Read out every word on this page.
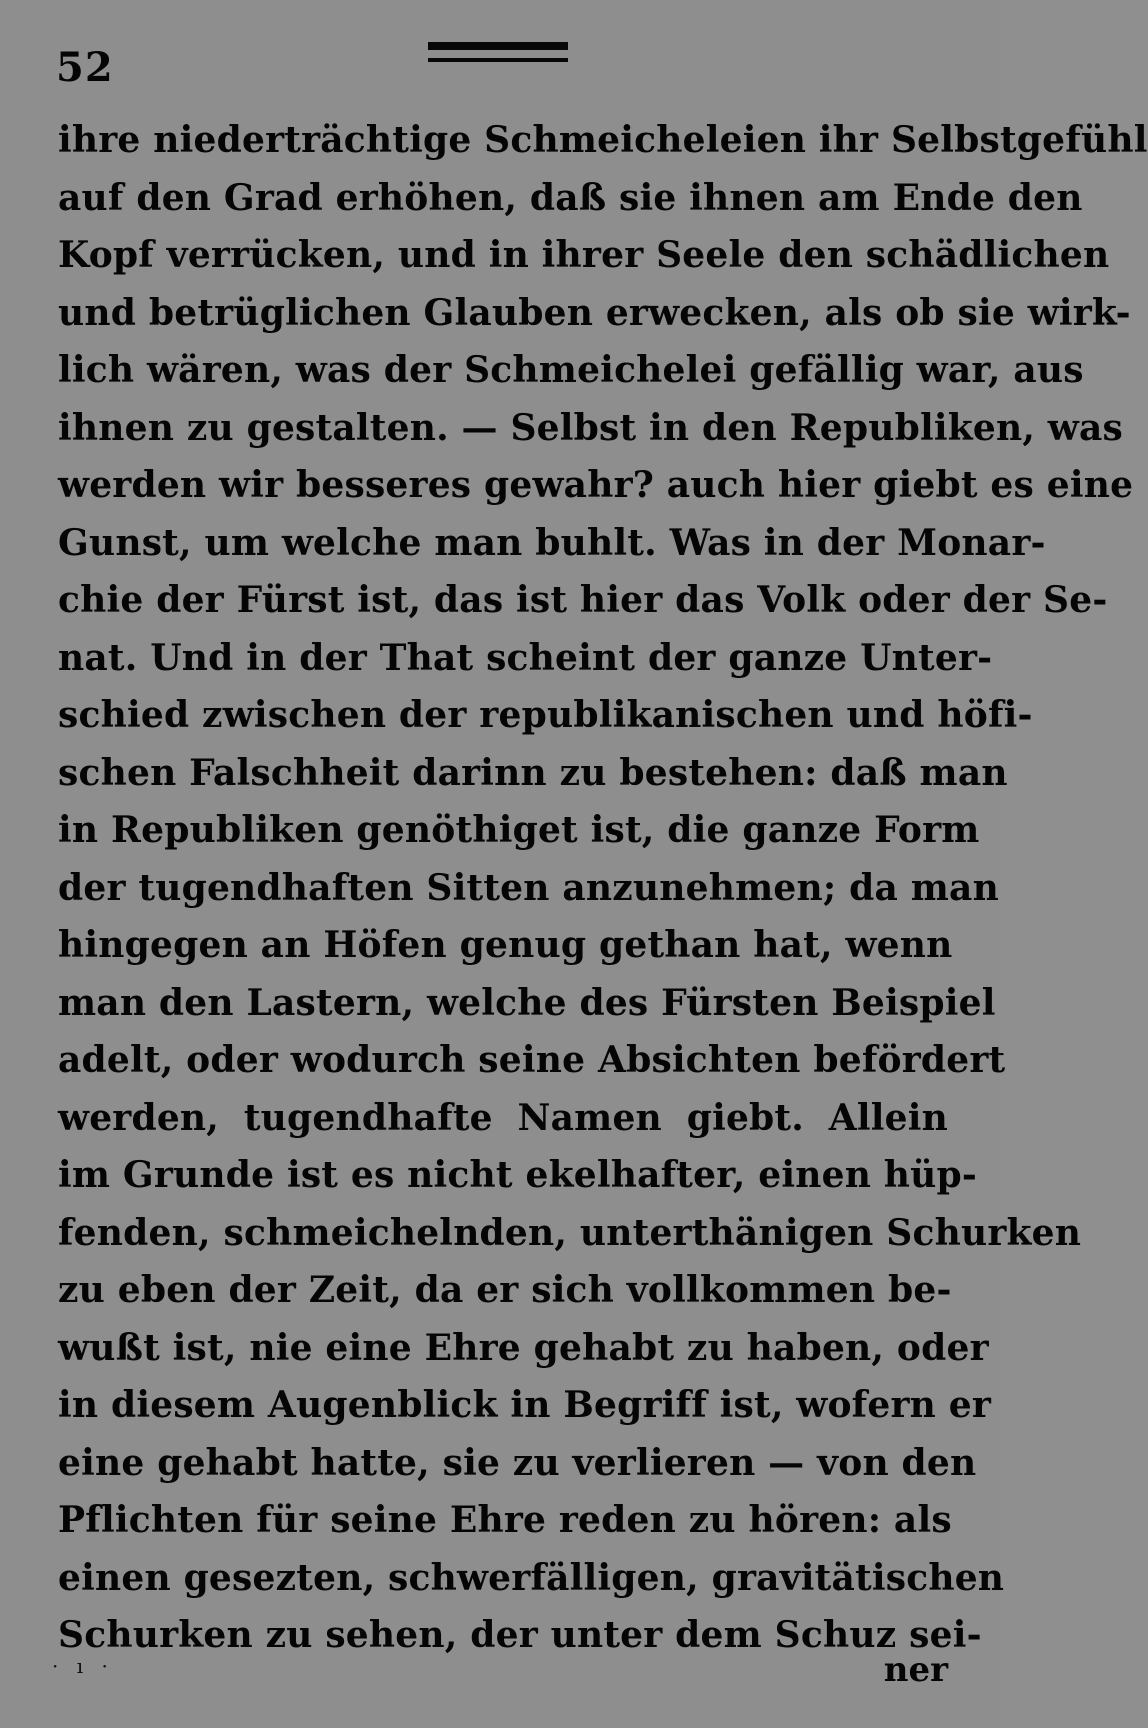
52
ihre niederträchtige Schmeicheleien ihr Selbstgefühl
auf den Grad erhöhen, daß sie ihnen am Ende den
Kopf verrücken, und in ihrer Seele den schädlichen
und betrüglichen Glauben erwecken, als ob sie wirk-
lich wären, was der Schmeichelei gefällig war, aus
ihnen zu gestalten. — Selbst in den Republiken, was
werden wir besseres gewahr? auch hier giebt es eine
Gunst, um welche man buhlt. Was in der Monar-
chie der Fürst ist, das ist hier das Volk oder der Se-
nat. Und in der That scheint der ganze Unter-
schied zwischen der republikanischen und höfi-
schen Falschheit darinn zu bestehen: daß man
in Republiken genöthiget ist, die ganze Form
der tugendhaften Sitten anzunehmen; da man
hingegen an Höfen genug gethan hat, wenn
man den Lastern, welche des Fürsten Beispiel
adelt, oder wodurch seine Absichten befördert
werden, tugendhafte Namen giebt. Allein
im Grunde ist es nicht ekelhafter, einen hüp-
fenden, schmeichelnden, unterthänigen Schurken
zu eben der Zeit, da er sich vollkommen be-
wußt ist, nie eine Ehre gehabt zu haben, oder
in diesem Augenblick in Begriff ist, wofern er
eine gehabt hatte, sie zu verlieren — von den
Pflichten für seine Ehre reden zu hören: als
einen gesezten, schwerfälligen, gravitätischen
Schurken zu sehen, der unter dem Schuz sei-
· ı ·	ner
